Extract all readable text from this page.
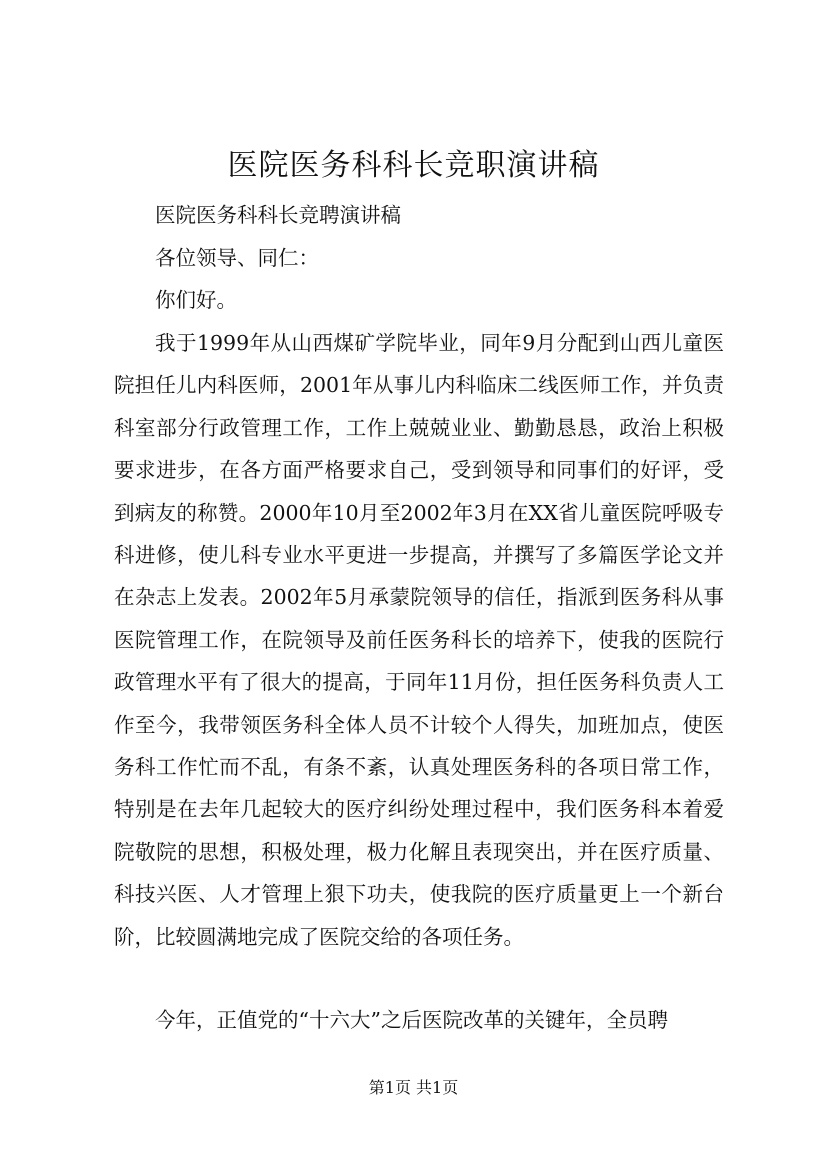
医院医务科科长竞职演讲稿

医院医务科科长竞聘演讲稿

各位领导、同仁：

你们好。

我于1999年从山西煤矿学院毕业，同年9月分配到山西儿童医院担任儿内科医师，2001年从事儿内科临床二线医师工作，并负责科室部分行政管理工作，工作上兢兢业业、勤勤恳恳，政治上积极要求进步，在各方面严格要求自己，受到领导和同事们的好评，受到病友的称赞。2000年10月至2002年3月在XX省儿童医院呼吸专科进修，使儿科专业水平更进一步提高，并撰写了多篇医学论文并在杂志上发表。2002年5月承蒙院领导的信任，指派到医务科从事医院管理工作，在院领导及前任医务科长的培养下，使我的医院行政管理水平有了很大的提高，于同年11月份，担任医务科负责人工作至今，我带领医务科全体人员不计较个人得失，加班加点，使医务科工作忙而不乱，有条不紊，认真处理医务科的各项日常工作，特别是在去年几起较大的医疗纠纷处理过程中，我们医务科本着爱院敬院的思想，积极处理，极力化解且表现突出，并在医疗质量、科技兴医、人才管理上狠下功夫，使我院的医疗质量更上一个新台阶，比较圆满地完成了医院交给的各项任务。

今年，正值党的“十六大”之后医院改革的关键年，全员聘

第1页 共1页
